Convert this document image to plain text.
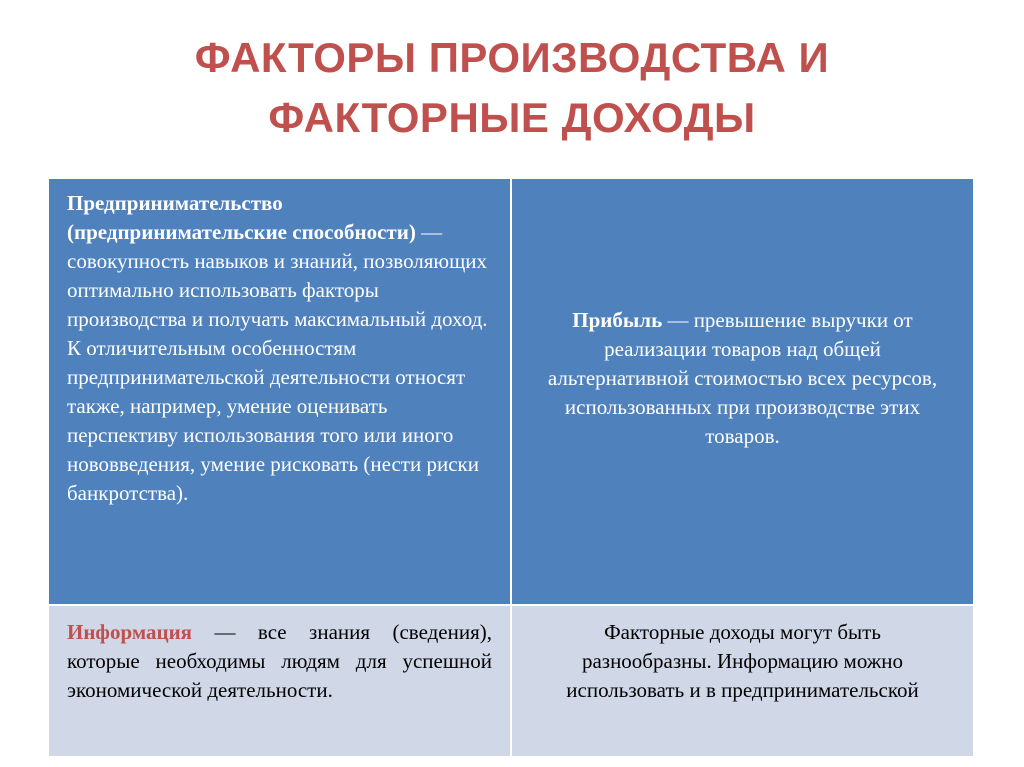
ФАКТОРЫ ПРОИЗВОДСТВА И
ФАКТОРНЫЕ ДОХОДЫ
Предпринимательство (предпринимательские способности) — совокупность навыков и знаний, позволяющих оптимально использовать факторы производства и получать максимальный доход. К отличительным особенностям предпринимательской деятельности относят также, например, умение оценивать перспективу использования того или иного нововведения, умение рисковать (нести риски банкротства).
Прибыль — превышение выручки от реализации товаров над общей альтернативной стоимостью всех ресурсов, использованных при производстве этих товаров.
Информация — все знания (сведения), которые необходимы людям для успешной экономической деятельности.
Факторные доходы могут быть разнообразны. Информацию можно использовать и в предпринимательской
